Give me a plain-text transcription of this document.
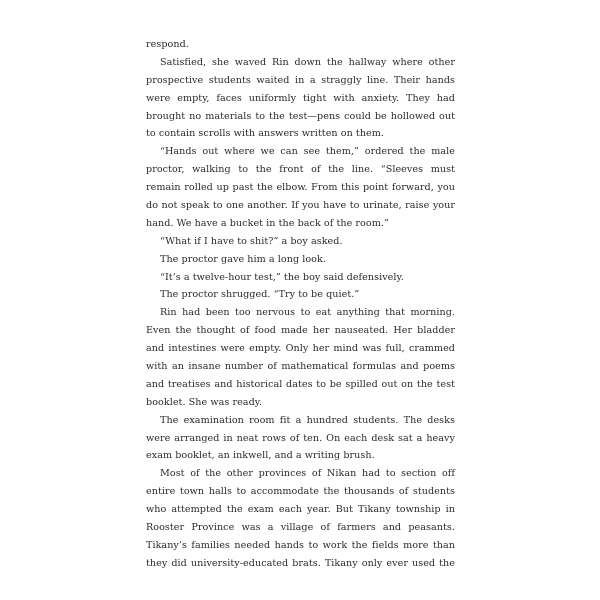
respond.
Satisfied, she waved Rin down the hallway where other
prospective students waited in a straggly line. Their hands
were empty, faces uniformly tight with anxiety. They had
brought no materials to the test—pens could be hollowed out
to contain scrolls with answers written on them.
“Hands out where we can see them,” ordered the male
proctor, walking to the front of the line. “Sleeves must
remain rolled up past the elbow. From this point forward, you
do not speak to one another. If you have to urinate, raise your
hand. We have a bucket in the back of the room.”
“What if I have to shit?” a boy asked.
The proctor gave him a long look.
“It’s a twelve-hour test,” the boy said defensively.
The proctor shrugged. “Try to be quiet.”
Rin had been too nervous to eat anything that morning.
Even the thought of food made her nauseated. Her bladder
and intestines were empty. Only her mind was full, crammed
with an insane number of mathematical formulas and poems
and treatises and historical dates to be spilled out on the test
booklet. She was ready.
The examination room fit a hundred students. The desks
were arranged in neat rows of ten. On each desk sat a heavy
exam booklet, an inkwell, and a writing brush.
Most of the other provinces of Nikan had to section off
entire town halls to accommodate the thousands of students
who attempted the exam each year. But Tikany township in
Rooster Province was a village of farmers and peasants.
Tikany’s families needed hands to work the fields more than
they did university-educated brats. Tikany only ever used the
